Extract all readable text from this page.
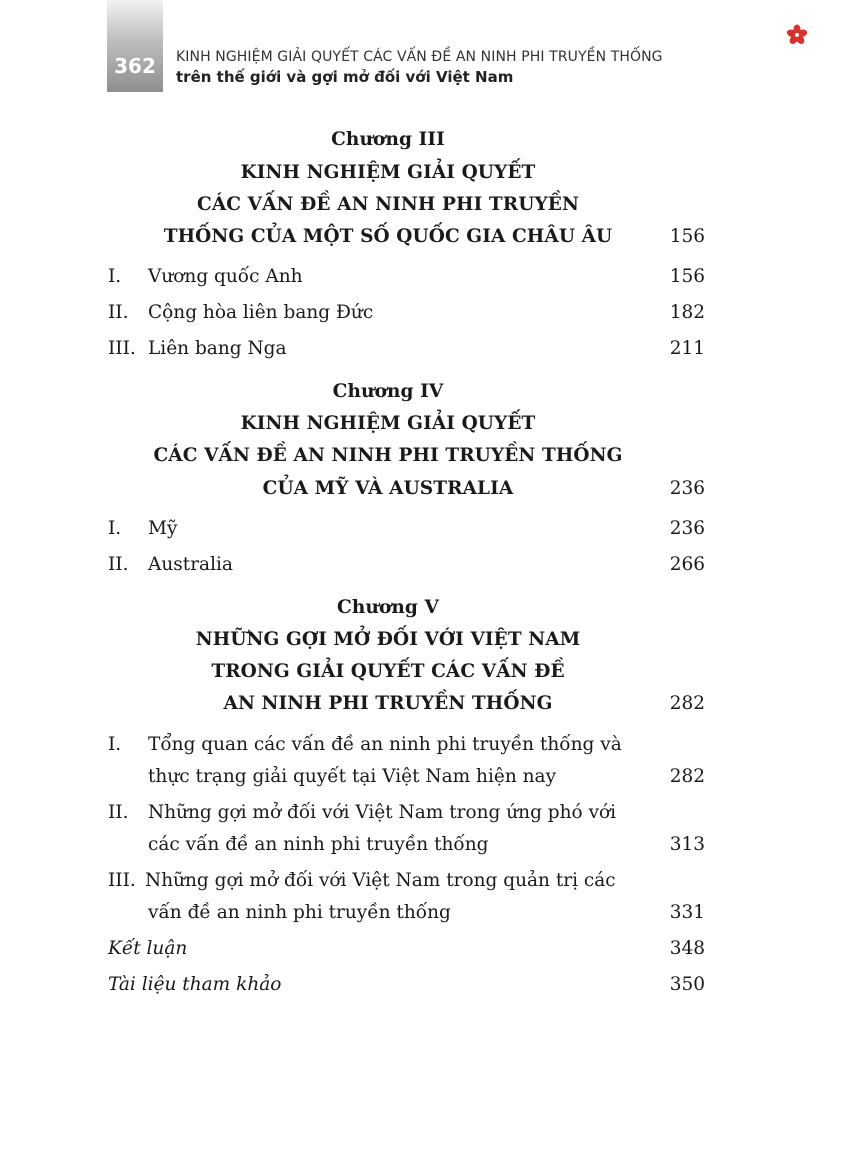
362	KINH NGHIỆM GIẢI QUYẾT CÁC VẤN ĐỀ AN NINH PHI TRUYỀN THỐNG
trên thế giới và gợi mở đối với Việt Nam
Chương III
KINH NGHIỆM GIẢI QUYẾT
CÁC VẤN ĐỀ AN NINH PHI TRUYỀN
THỐNG CỦA MỘT SỐ QUỐC GIA CHÂU ÂU	156
I. Vương quốc Anh	156
II. Cộng hòa liên bang Đức	182
III. Liên bang Nga	211
Chương IV
KINH NGHIỆM GIẢI QUYẾT
CÁC VẤN ĐỀ AN NINH PHI TRUYỀN THỐNG
CỦA MỸ VÀ AUSTRALIA	236
I. Mỹ	236
II. Australia	266
Chương V
NHỮNG GỢI MỞ ĐỐI VỚI VIỆT NAM
TRONG GIẢI QUYẾT CÁC VẤN ĐỀ
AN NINH PHI TRUYỀN THỐNG	282
I. Tổng quan các vấn đề an ninh phi truyền thống và
thực trạng giải quyết tại Việt Nam hiện nay	282
II. Những gợi mở đối với Việt Nam trong ứng phó với
các vấn đề an ninh phi truyền thống	313
III. Những gợi mở đối với Việt Nam trong quản trị các
vấn đề an ninh phi truyền thống	331
Kết luận	348
Tài liệu tham khảo	350
